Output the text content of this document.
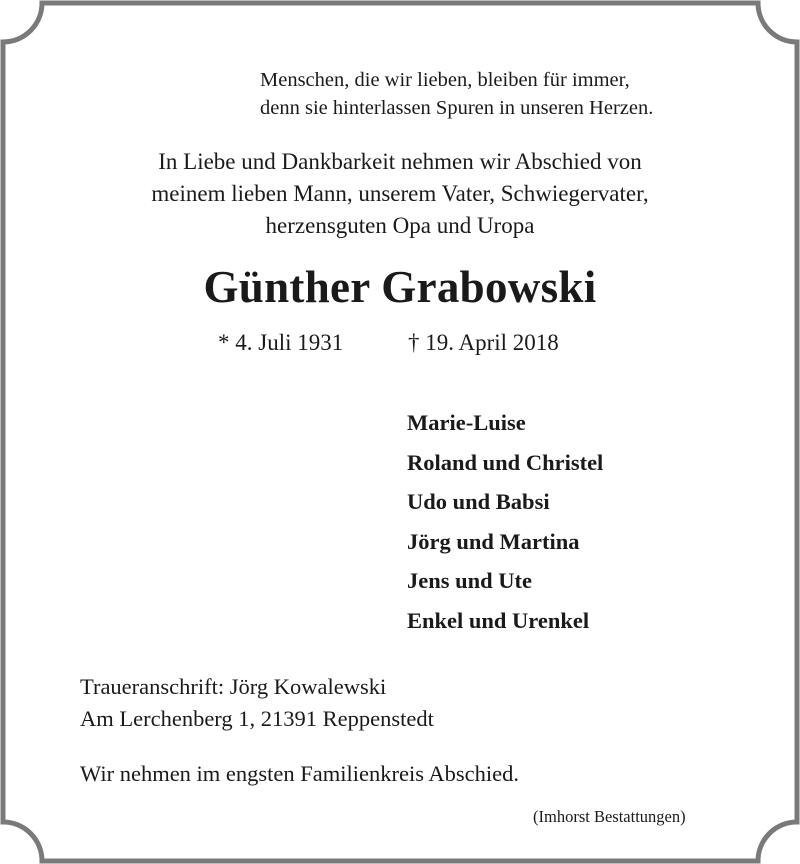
Menschen, die wir lieben, bleiben für immer,
denn sie hinterlassen Spuren in unseren Herzen.
In Liebe und Dankbarkeit nehmen wir Abschied von
meinem lieben Mann, unserem Vater, Schwiegervater,
herzensguten Opa und Uropa
Günther Grabowski
* 4. Juli 1931	† 19. April 2018
Marie-Luise
Roland und Christel
Udo und Babsi
Jörg und Martina
Jens und Ute
Enkel und Urenkel
Traueranschrift: Jörg Kowalewski
Am Lerchenberg 1, 21391 Reppenstedt
Wir nehmen im engsten Familienkreis Abschied.
(Imhorst Bestattungen)
